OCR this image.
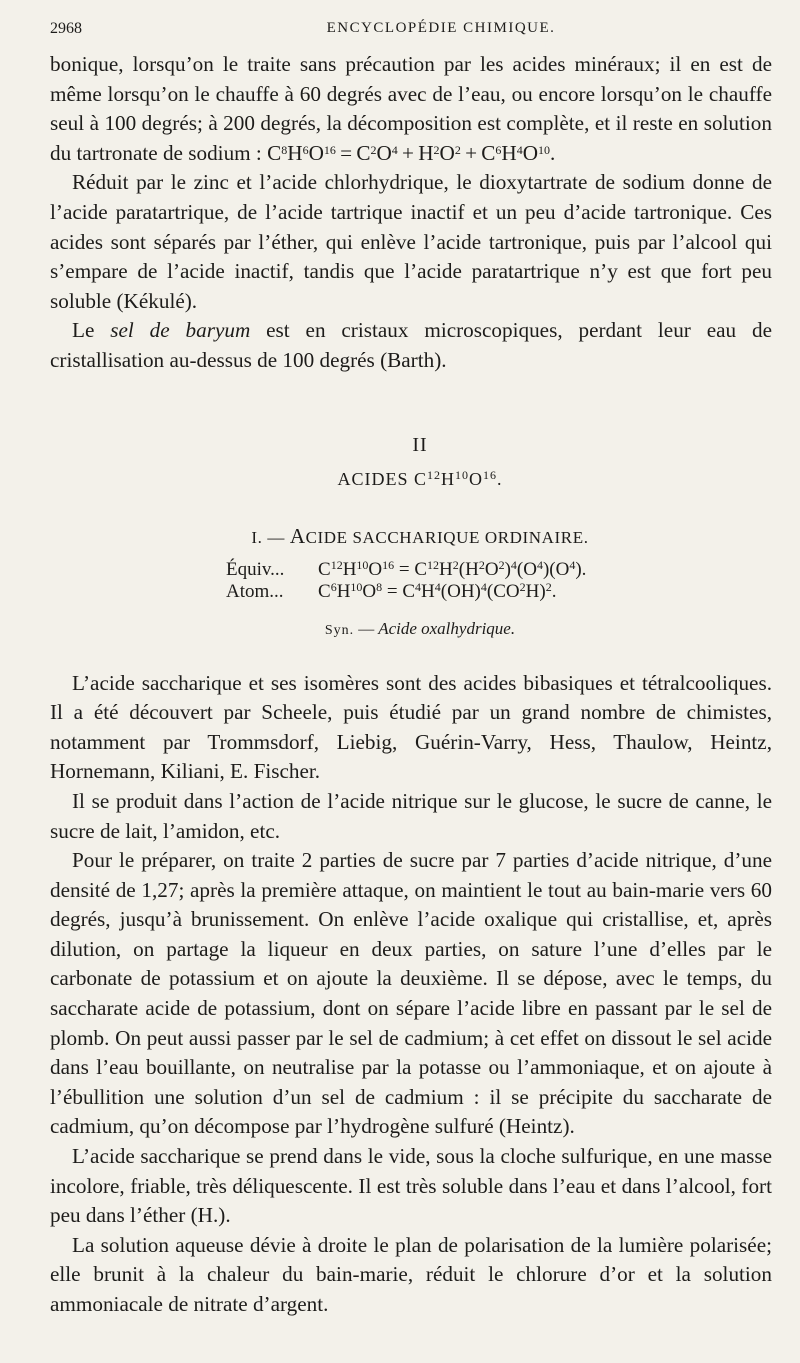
2968	ENCYCLOPÉDIE CHIMIQUE.

bonique, lorsqu’on le traite sans précaution par les acides minéraux; il en est de même lorsqu’on le chauffe à 60 degrés avec de l’eau, ou encore lorsqu’on le chauffe seul à 100 degrés; à 200 degrés, la décomposition est complète, et il reste en solution du tartronate de sodium : $C^8H^6O^{16} = C^2O^4 + H^2O^2 + C^6H^4O^{10}$.

Réduit par le zinc et l’acide chlorhydrique, le dioxytartrate de sodium donne de l’acide paratartrique, de l’acide tartrique inactif et un peu d’acide tartronique. Ces acides sont séparés par l’éther, qui enlève l’acide tartronique, puis par l’alcool qui s’empare de l’acide inactif, tandis que l’acide paratartrique n’y est que fort peu soluble (Kékulé).

Le sel de baryum est en cristaux microscopiques, perdant leur eau de cristallisation au-dessus de 100 degrés (Barth).

II
ACIDES $C^{12}H^{10}O^{16}$.
I. — ACIDE SACCHARIQUE ORDINAIRE.
Équiv... $C^{12}H^{10}O^{16} = C^{12}H^2(H^2O^2)^4(O^4)(O^4)$.
Atom... $C^6H^{10}O^8 = C^4H^4(OH)^4(CO^2H)^2$.
Syn. — Acide oxalhydrique.

L’acide saccharique et ses isomères sont des acides bibasiques et tétralcooliques. Il a été découvert par Scheele, puis étudié par un grand nombre de chimistes, notamment par Trommsdorf, Liebig, Guérin-Varry, Hess, Thaulow, Heintz, Hornemann, Kiliani, E. Fischer.

Il se produit dans l’action de l’acide nitrique sur le glucose, le sucre de canne, le sucre de lait, l’amidon, etc.

Pour le préparer, on traite 2 parties de sucre par 7 parties d’acide nitrique, d’une densité de 1,27; après la première attaque, on maintient le tout au bain-marie vers 60 degrés, jusqu’à brunissement. On enlève l’acide oxalique qui cristallise, et, après dilution, on partage la liqueur en deux parties, on sature l’une d’elles par le carbonate de potassium et on ajoute la deuxième. Il se dépose, avec le temps, du saccharate acide de potassium, dont on sépare l’acide libre en passant par le sel de plomb. On peut aussi passer par le sel de cadmium; à cet effet on dissout le sel acide dans l’eau bouillante, on neutralise par la potasse ou l’ammoniaque, et on ajoute à l’ébullition une solution d’un sel de cadmium : il se précipite du saccharate de cadmium, qu’on décompose par l’hydrogène sulfuré (Heintz).

L’acide saccharique se prend dans le vide, sous la cloche sulfurique, en une masse incolore, friable, très déliquescente. Il est très soluble dans l’eau et dans l’alcool, fort peu dans l’éther (H.).

La solution aqueuse dévie à droite le plan de polarisation de la lumière polarisée; elle brunit à la chaleur du bain-marie, réduit le chlorure d’or et la solution ammoniacale de nitrate d’argent.
